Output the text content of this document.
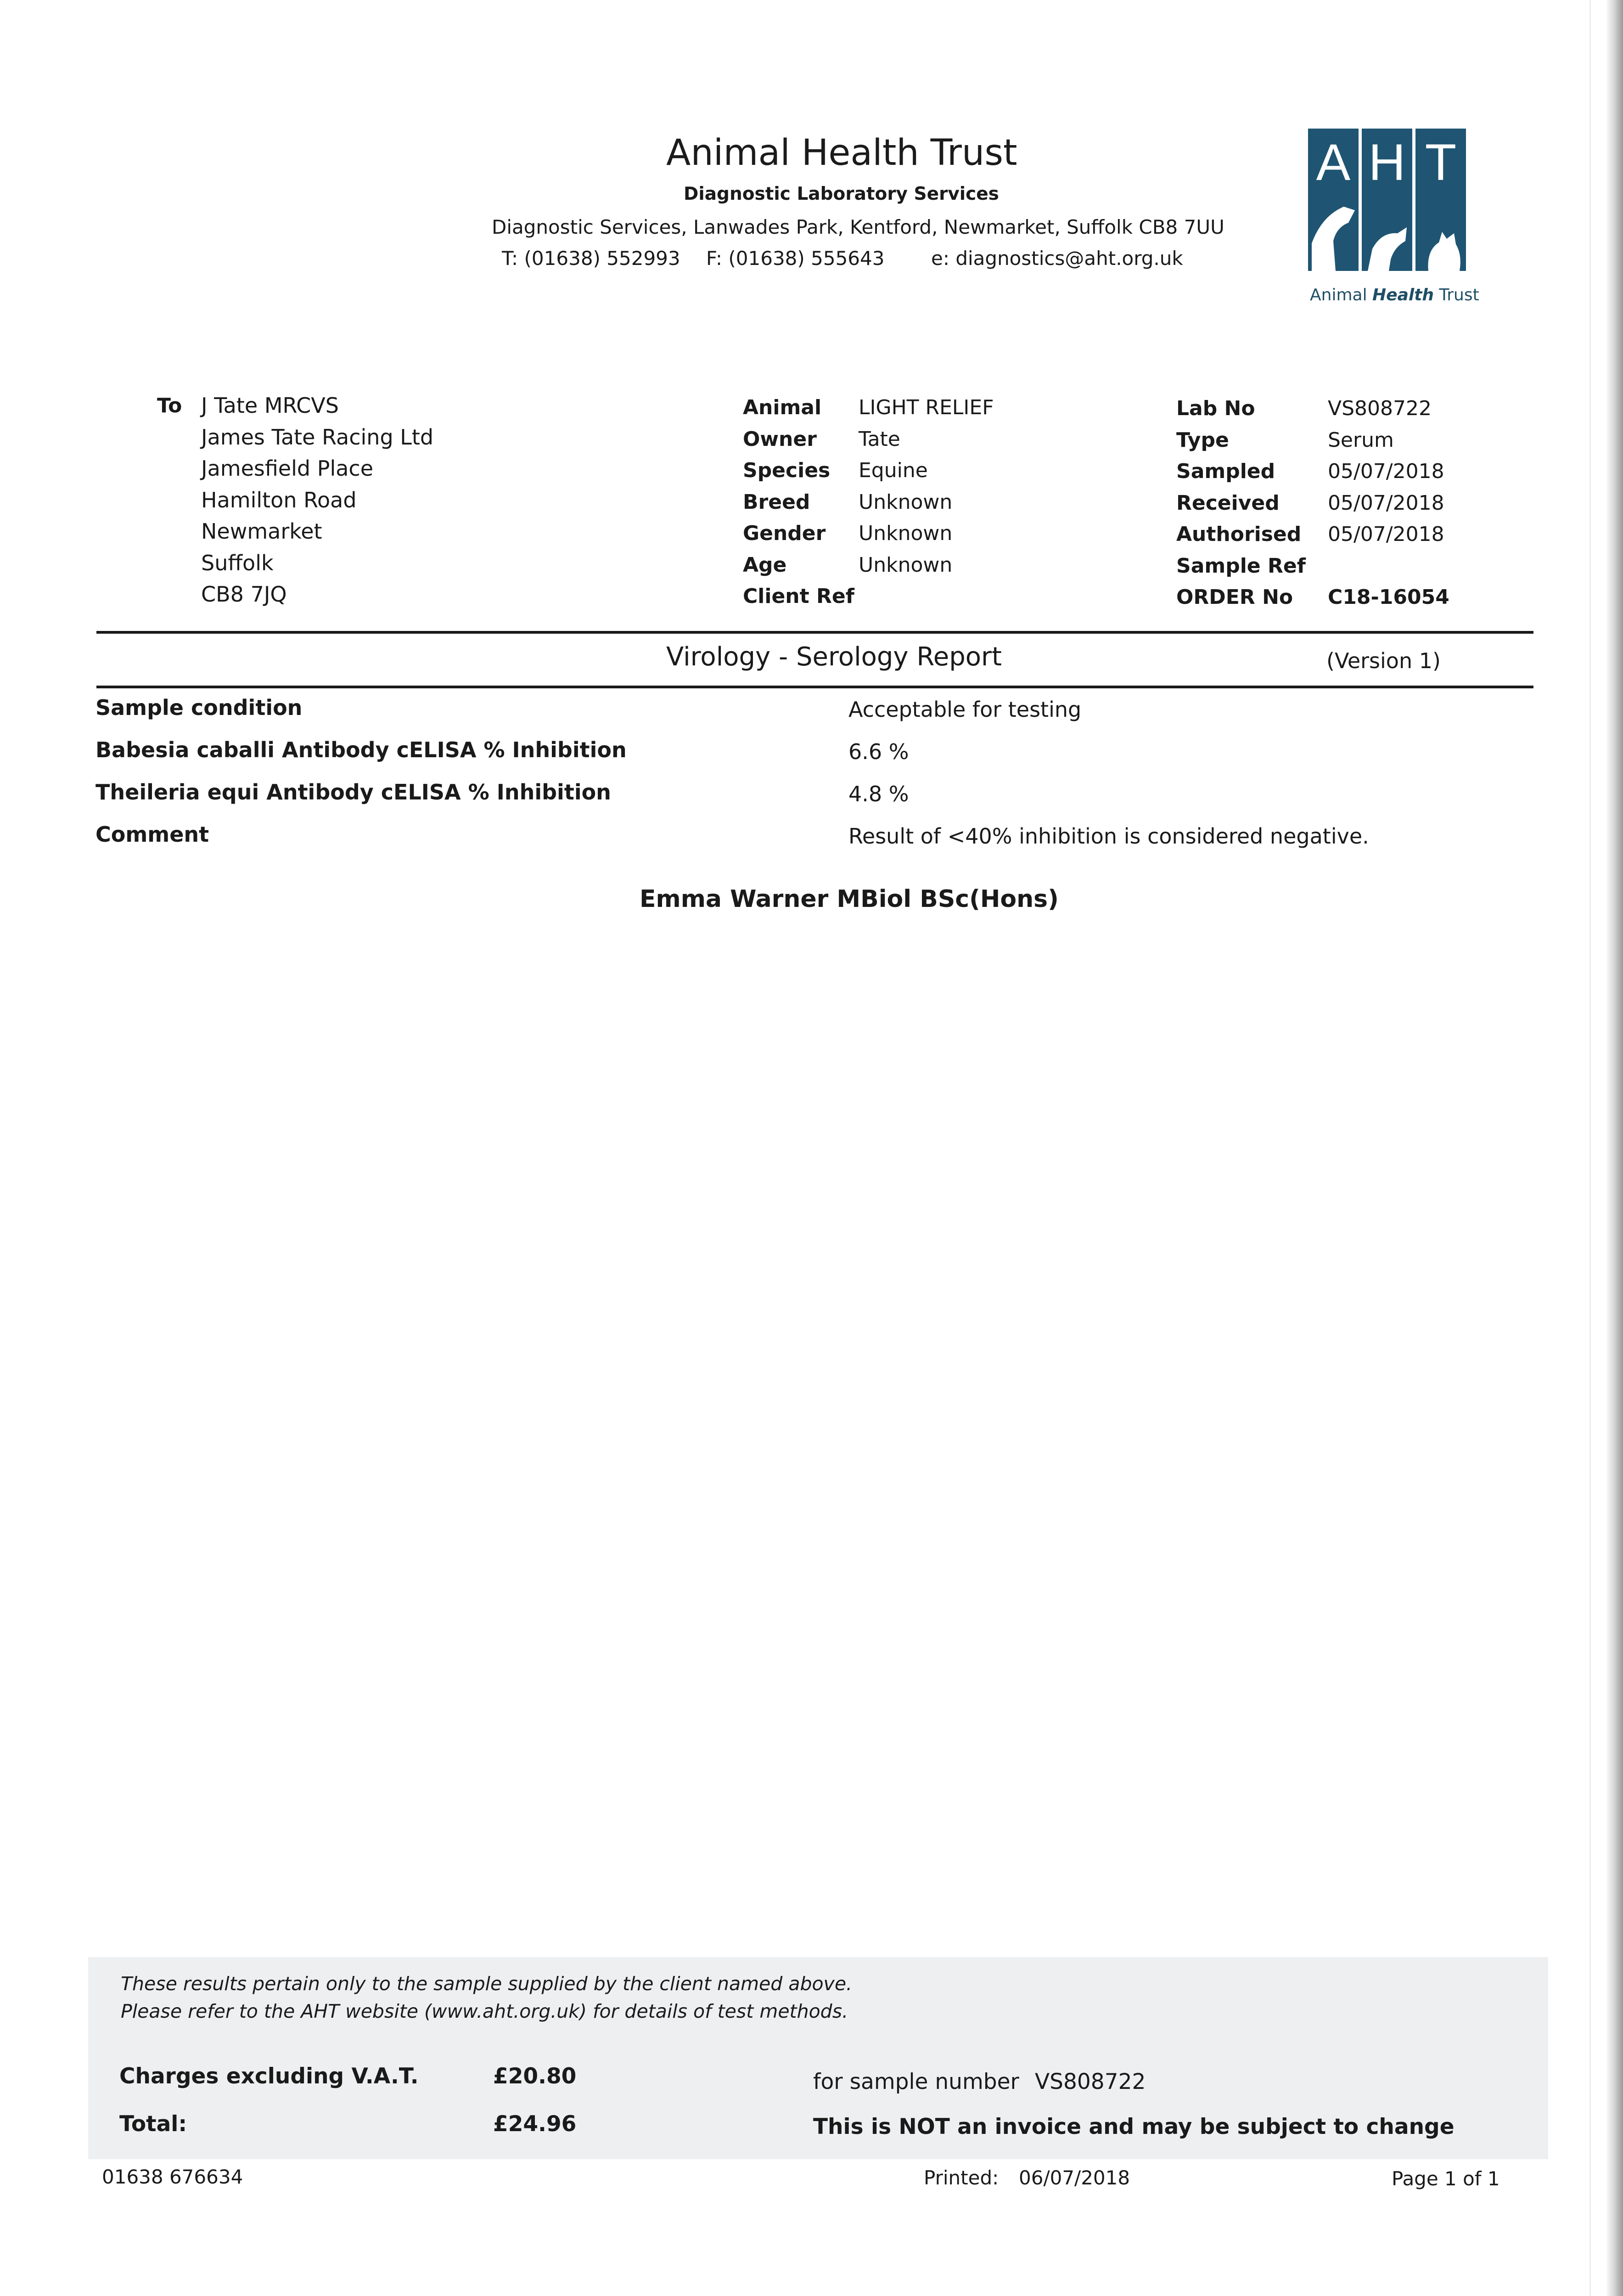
Animal Health Trust
Diagnostic Laboratory Services
Diagnostic Services, Lanwades Park, Kentford, Newmarket, Suffolk CB8 7UU
T: (01638) 552993 F: (01638) 555643 e: diagnostics@aht.org.uk
A H T
Animal Health Trust
To J Tate MRCVS
James Tate Racing Ltd
Jamesfield Place
Hamilton Road
Newmarket
Suffolk
CB8 7JQ
Animal LIGHT RELIEF
Owner Tate
Species Equine
Breed Unknown
Gender Unknown
Age	Unknown
Client Ref
Lab No	VS808722
Type	Serum
Sampled	05/07/2018
Received 05/07/2018
Authorised 05/07/2018
Sample Ref
ORDER No C18-16054
Virology - Serology Report	(Version 1)
Sample condition	Acceptable for testing
Babesia caballi Antibody cELISA % Inhibition	6.6 %
Theileria equi Antibody cELISA % Inhibition	4.8 %
Comment	Result of <40% inhibition is considered negative.
Emma Warner MBiol BSc(Hons)
These results pertain only to the sample supplied by the client named above.
Please refer to the AHT website (www.aht.org.uk) for details of test methods.
Charges excluding V.A.T.	£20.80	for sample number VS808722
Total:	£24.96	This is NOT an invoice and may be subject to change
01638 676634	Printed: 06/07/2018	Page 1 of 1
